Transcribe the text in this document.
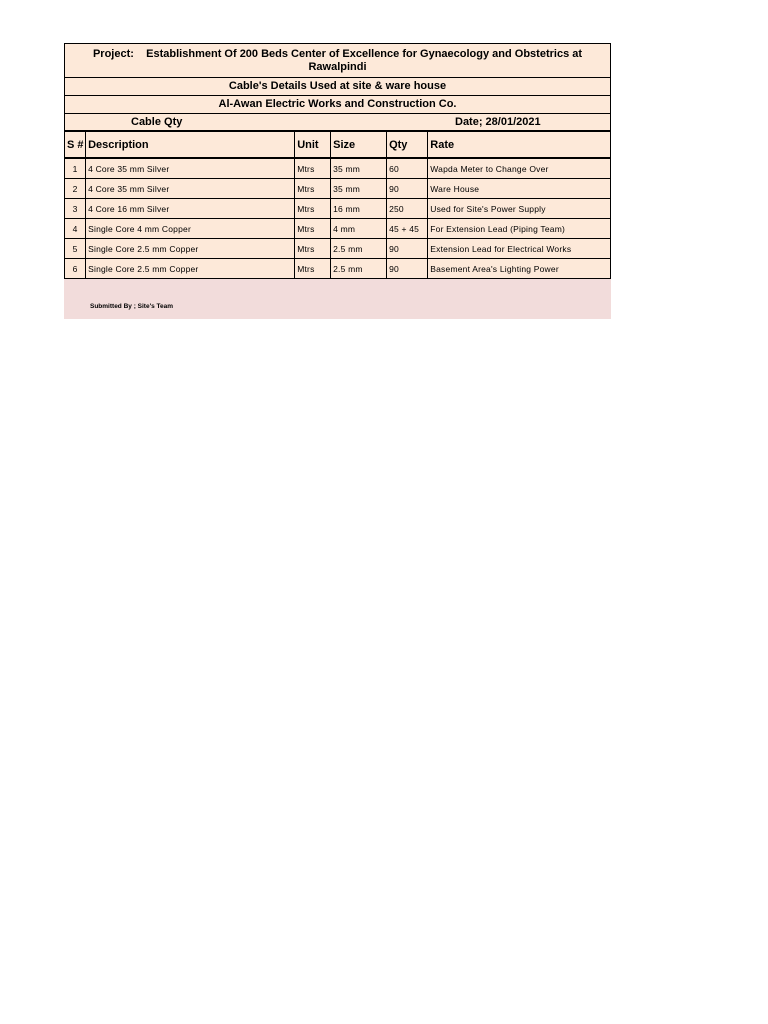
Project: Establishment Of 200 Beds Center of Excellence for Gynaecology and Obstetrics at Rawalpindi
Cable's Details Used at site & ware house
Al-Awan Electric Works and Construction Co.
Cable Qty	Date; 28/01/2021
S #	Description	Unit	Size	Qty	Rate
1	4 Core 35 mm Silver	Mtrs	35 mm	60	Wapda Meter to Change Over
2	4 Core 35 mm Silver	Mtrs	35 mm	90	Ware House
3	4 Core 16 mm Silver	Mtrs	16 mm	250	Used for Site's Power Supply
4	Single Core 4 mm Copper	Mtrs	4 mm	45 + 45	For Extension Lead (Piping Team)
5	Single Core 2.5 mm Copper	Mtrs	2.5 mm	90	Extension Lead for Electrical Works
6	Single Core 2.5 mm Copper	Mtrs	2.5 mm	90	Basement Area's Lighting Power
Submitted By ; Site's Team
